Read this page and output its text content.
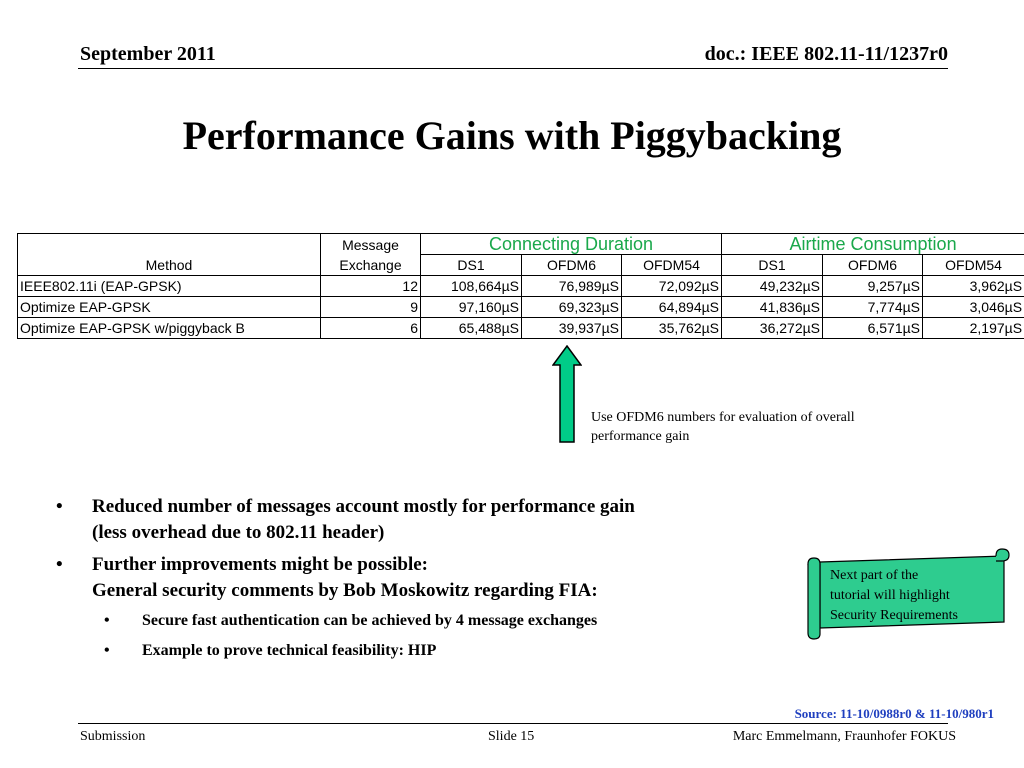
September 2011	doc.: IEEE 802.11-11/1237r0
Performance Gains with Piggybacking
Method	Message Exchange	Connecting Duration			Airtime Consumption		
		DS1	OFDM6	OFDM54	DS1	OFDM6	OFDM54
IEEE802.11i (EAP-GPSK)	12	108,664µS	76,989µS	72,092µS	49,232µS	9,257µS	3,962µS
Optimize EAP-GPSK	9	97,160µS	69,323µS	64,894µS	41,836µS	7,774µS	3,046µS
Optimize EAP-GPSK w/piggyback B	6	65,488µS	39,937µS	35,762µS	36,272µS	6,571µS	2,197µS
Use OFDM6 numbers for evaluation of overall
performance gain
• Reduced number of messages account mostly for performance gain
(less overhead due to 802.11 header)
• Further improvements might be possible:
General security comments by Bob Moskowitz regarding FIA:
• Secure fast authentication can be achieved by 4 message exchanges
• Example to prove technical feasibility: HIP
Next part of the
tutorial will highlight
Security Requirements
Source: 11-10/0988r0 & 11-10/980r1
Submission	Slide 15	Marc Emmelmann, Fraunhofer FOKUS
